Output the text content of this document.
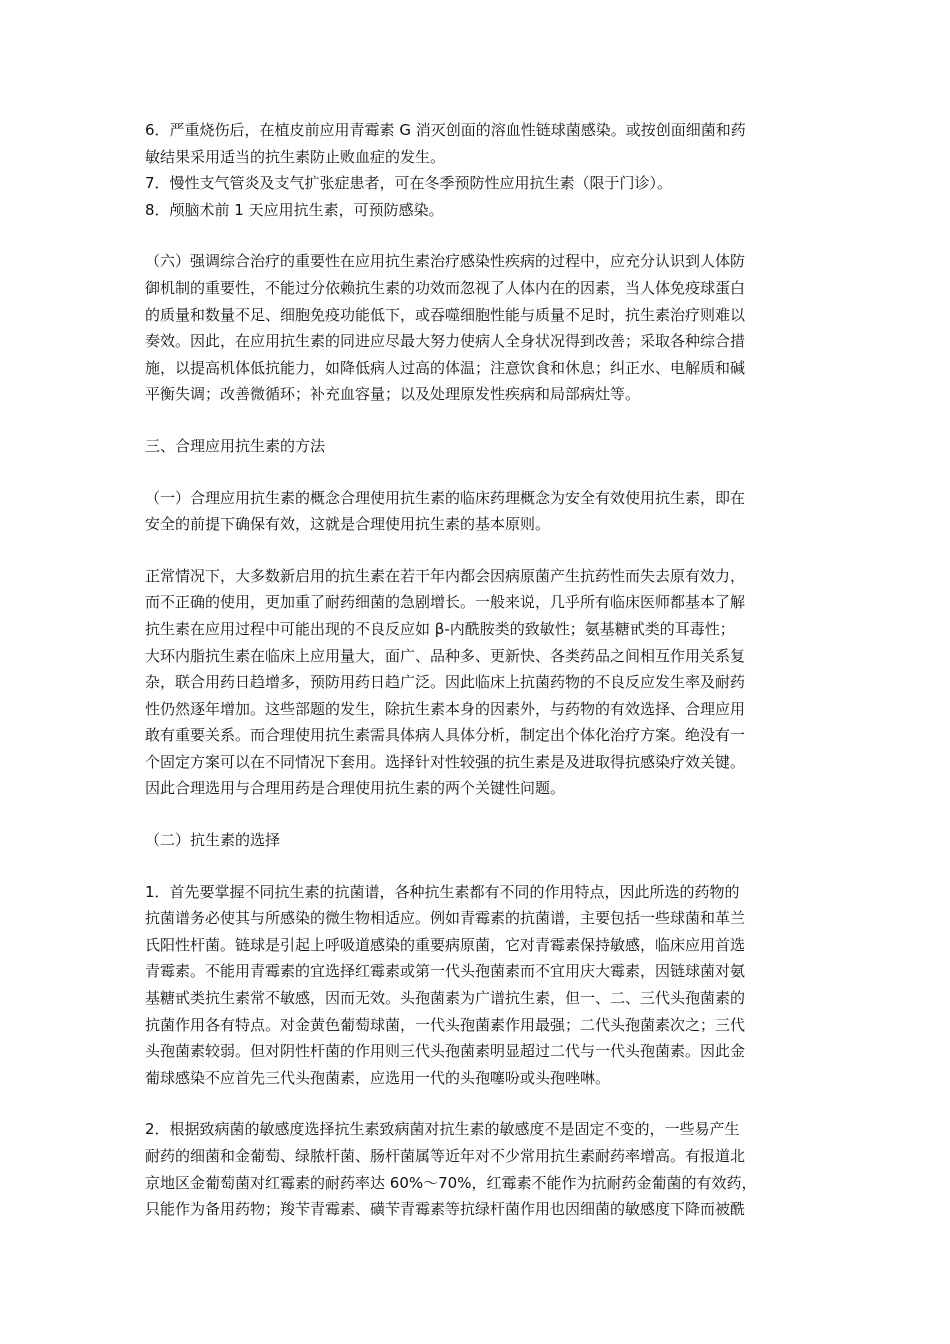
6．严重烧伤后，在植皮前应用青霉素 G 消灭创面的溶血性链球菌感染。或按创面细菌和药
敏结果采用适当的抗生素防止败血症的发生。
7．慢性支气管炎及支气扩张症患者，可在冬季预防性应用抗生素（限于门诊）。
8．颅脑术前 1 天应用抗生素，可预防感染。
（六）强调综合治疗的重要性在应用抗生素治疗感染性疾病的过程中，应充分认识到人体防
御机制的重要性，不能过分依赖抗生素的功效而忽视了人体内在的因素，当人体免疫球蛋白
的质量和数量不足、细胞免疫功能低下，或吞噬细胞性能与质量不足时，抗生素治疗则难以
奏效。因此，在应用抗生素的同进应尽最大努力使病人全身状况得到改善；采取各种综合措
施，以提高机体低抗能力，如降低病人过高的体温；注意饮食和休息；纠正水、电解质和碱
平衡失调；改善微循环；补充血容量；以及处理原发性疾病和局部病灶等。
三、合理应用抗生素的方法
（一）合理应用抗生素的概念合理使用抗生素的临床药理概念为安全有效使用抗生素，即在
安全的前提下确保有效，这就是合理使用抗生素的基本原则。
正常情况下，大多数新启用的抗生素在若干年内都会因病原菌产生抗药性而失去原有效力，
而不正确的使用，更加重了耐药细菌的急剧增长。一般来说，几乎所有临床医师都基本了解
抗生素在应用过程中可能出现的不良反应如 β-内酰胺类的致敏性；氨基糖甙类的耳毒性；
大环内脂抗生素在临床上应用量大，面广、品种多、更新快、各类药品之间相互作用关系复
杂，联合用药日趋增多，预防用药日趋广泛。因此临床上抗菌药物的不良反应发生率及耐药
性仍然逐年增加。这些部题的发生，除抗生素本身的因素外，与药物的有效选择、合理应用
敢有重要关系。而合理使用抗生素需具体病人具体分析，制定出个体化治疗方案。绝没有一
个固定方案可以在不同情况下套用。选择针对性较强的抗生素是及进取得抗感染疗效关键。
因此合理选用与合理用药是合理使用抗生素的两个关键性问题。
（二）抗生素的选择
1．首先要掌握不同抗生素的抗菌谱，各种抗生素都有不同的作用特点，因此所选的药物的
抗菌谱务必使其与所感染的微生物相适应。例如青霉素的抗菌谱，主要包括一些球菌和革兰
氏阳性杆菌。链球是引起上呼吸道感染的重要病原菌，它对青霉素保持敏感，临床应用首选
青霉素。不能用青霉素的宜选择红霉素或第一代头孢菌素而不宜用庆大霉素，因链球菌对氨
基糖甙类抗生素常不敏感，因而无效。头孢菌素为广谱抗生素，但一、二、三代头孢菌素的
抗菌作用各有特点。对金黄色葡萄球菌，一代头孢菌素作用最强；二代头孢菌素次之；三代
头孢菌素较弱。但对阴性杆菌的作用则三代头孢菌素明显超过二代与一代头孢菌素。因此金
葡球感染不应首先三代头孢菌素，应选用一代的头孢噻吩或头孢唑啉。
2．根据致病菌的敏感度选择抗生素致病菌对抗生素的敏感度不是固定不变的，一些易产生
耐药的细菌和金葡萄、绿脓杆菌、肠杆菌属等近年对不少常用抗生素耐药率增高。有报道北
京地区金葡萄菌对红霉素的耐药率达 60%～70%，红霉素不能作为抗耐药金葡菌的有效药，
只能作为备用药物；羧苄青霉素、磺苄青霉素等抗绿杆菌作用也因细菌的敏感度下降而被酰
